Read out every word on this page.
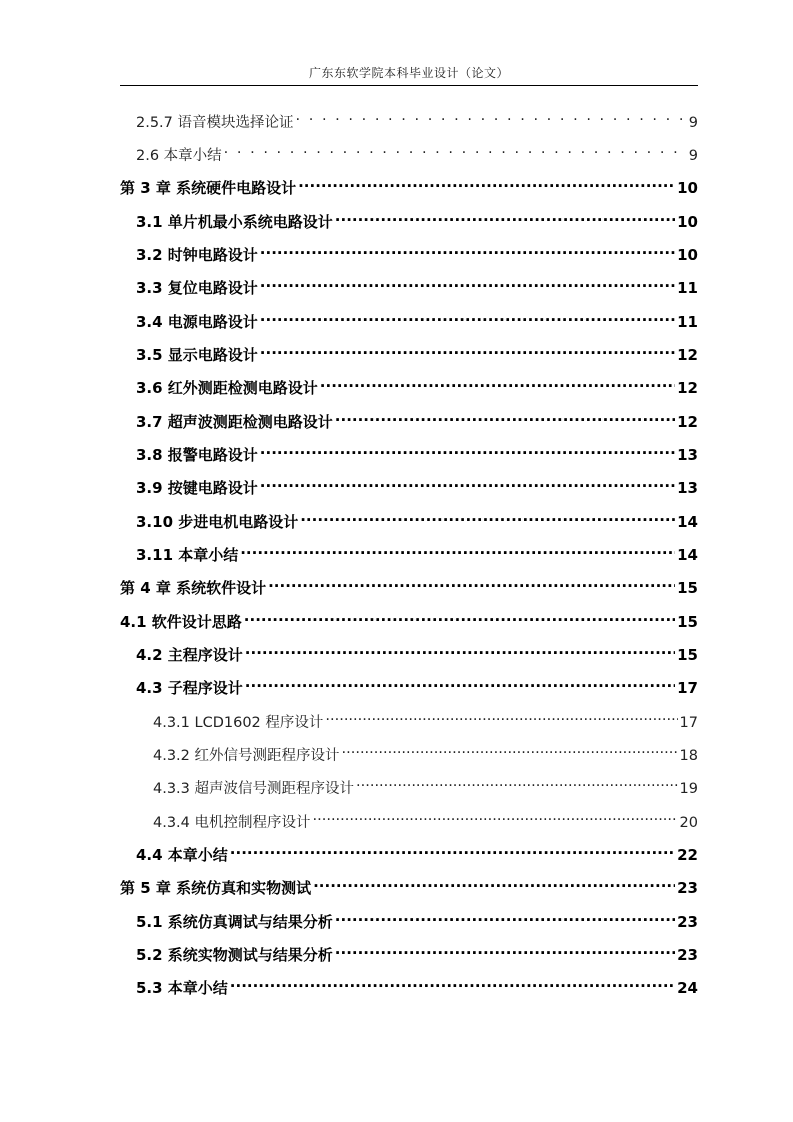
广东东软学院本科毕业设计（论文）
2.5.7 语音模块选择论证 . . .	9
2.6 本章小结 . . .	9
第 3 章 系统硬件电路设计 .....	10
3.1 单片机最小系统电路设计 .....	10
3.2 时钟电路设计 .....	10
3.3 复位电路设计 .....	11
3.4 电源电路设计 .....	11
3.5 显示电路设计 .....	12
3.6 红外测距检测电路设计 .....	12
3.7 超声波测距检测电路设计 .....	12
3.8 报警电路设计 .....	13
3.9 按键电路设计 .....	13
3.10 步进电机电路设计 .....	14
3.11 本章小结 .....	14
第 4 章 系统软件设计 .....	15
4.1 软件设计思路 .....	15
4.2 主程序设计 .....	15
4.3 子程序设计 .....	17
4.3.1 LCD1602 程序设计 .....	17
4.3.2 红外信号测距程序设计 .....	18
4.3.3 超声波信号测距程序设计 .....	19
4.3.4 电机控制程序设计 .....	20
4.4 本章小结 .....	22
第 5 章 系统仿真和实物测试 .....	23
5.1 系统仿真调试与结果分析 .....	23
5.2 系统实物测试与结果分析 .....	23
5.3 本章小结 .....	24
